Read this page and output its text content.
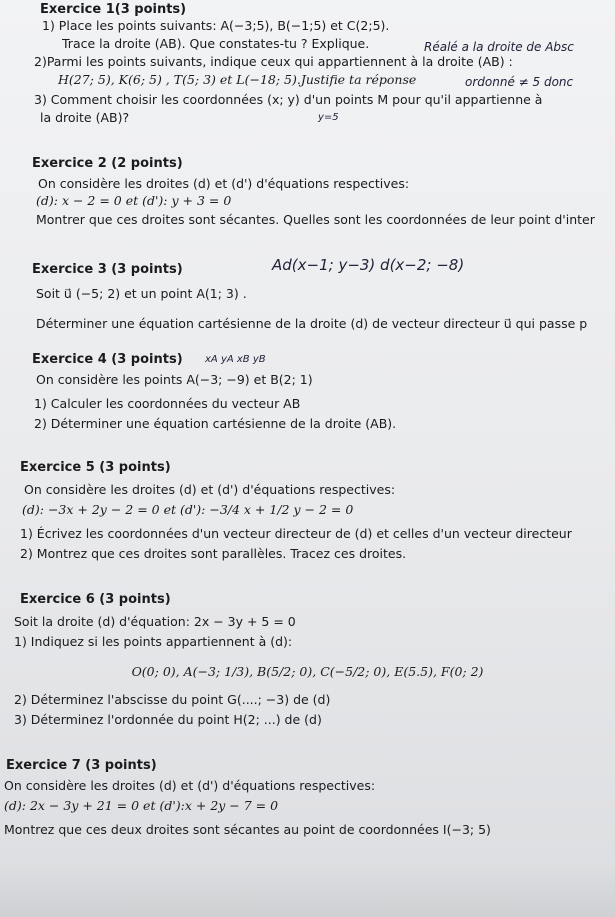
Exercice 1(3 points)
1) Place les points suivants: A(−3;5), B(−1;5) et C(2;5).
Trace la droite (AB). Que constates-tu ? Explique.	Réalé a la droite de Absc
2)Parmi les points suivants, indique ceux qui appartiennent à la droite (AB) :
H(27; 5), K(6; 5) , T(5; 3) et L(−18; 5).Justifie ta réponse	ordonné ≠ 5 donc
3) Comment choisir les coordonnées (x; y) d'un points M pour qu'il appartienne à
la droite (AB)?	y=5
Exercice 2 (2 points)
On considère les droites (d) et (d') d'équations respectives:
(d): x − 2 = 0 et (d'): y + 3 = 0
Montrer que ces droites sont sécantes. Quelles sont les coordonnées de leur point d'inter
Exercice 3 (3 points)	Ad(x−1; y−3) d(x−2; −8)
Soit u⃗ (−5; 2) et un point A(1; 3) .
Déterminer une équation cartésienne de la droite (d) de vecteur directeur u⃗ qui passe p
Exercice 4 (3 points) xA yA xB yB
On considère les points A(−3; −9) et B(2; 1)
1) Calculer les coordonnées du vecteur AB
2) Déterminer une équation cartésienne de la droite (AB).
Exercice 5 (3 points)
On considère les droites (d) et (d') d'équations respectives:
(d): −3x + 2y − 2 = 0 et (d'): −3/4 x + 1/2 y − 2 = 0
1) Écrivez les coordonnées d'un vecteur directeur de (d) et celles d'un vecteur directeur
2) Montrez que ces droites sont parallèles. Tracez ces droites.
Exercice 6 (3 points)
Soit la droite (d) d'équation: 2x − 3y + 5 = 0
1) Indiquez si les points appartiennent à (d):
O(0; 0), A(−3; 1/3), B(5/2; 0), C(−5/2; 0), E(5.5), F(0; 2)
2) Déterminez l'abscisse du point G(....; −3) de (d)
3) Déterminez l'ordonnée du point H(2; ...) de (d)
Exercice 7 (3 points)
On considère les droites (d) et (d') d'équations respectives:
(d): 2x − 3y + 21 = 0 et (d'):x + 2y − 7 = 0
Montrez que ces deux droites sont sécantes au point de coordonnées I(−3; 5)
